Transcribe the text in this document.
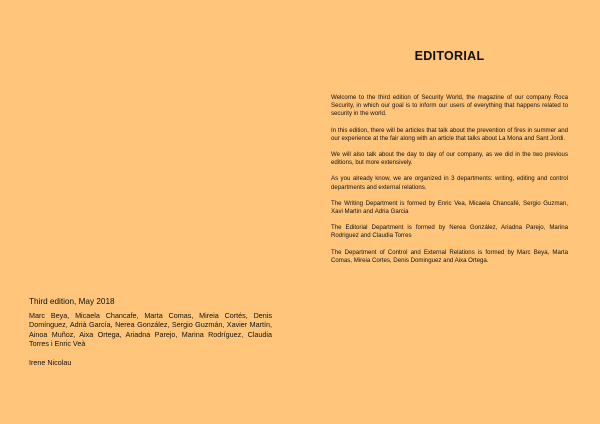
Third edition, May 2018

Marc Beya, Micaela Chancafe, Marta Comas, Mireia Cortés, Denis Domínguez, Adrià García, Nerea González, Sergio Guzmán, Xavier Martín, Ainoa Muñoz, Aixa Ortega, Ariadna Parejo, Marina Rodríguez, Claudia Torres i Enric Veà

Irene Nicolau
EDITORIAL

Welcome to the third edition of Security World, the magazine of our company Roca Security, in which our goal is to inform our users of everything that happens related to security in the world.

In this edition, there will be articles that talk about the prevention of fires in summer and our experience at the fair along with an article that talks about La Mona and Sant Jordi.

We will also talk about the day to day of our company, as we did in the two previous editions, but more extensively.

As you already know, we are organized in 3 departments: writing, editing and control departments and external relations.

The Writing Department is formed by Enric Vea, Micaela Chancafé, Sergio Guzman, Xavi Martin and Adria Garcia

The Editorial Department is formed by Nerea González, Ariadna Parejo, Marina Rodriguez and Claudia Torres

The Department of Control and External Relations is formed by Marc Beya, Marta Comas, Mireia Cortes, Denis Dominguez and Aixa Ortega.
